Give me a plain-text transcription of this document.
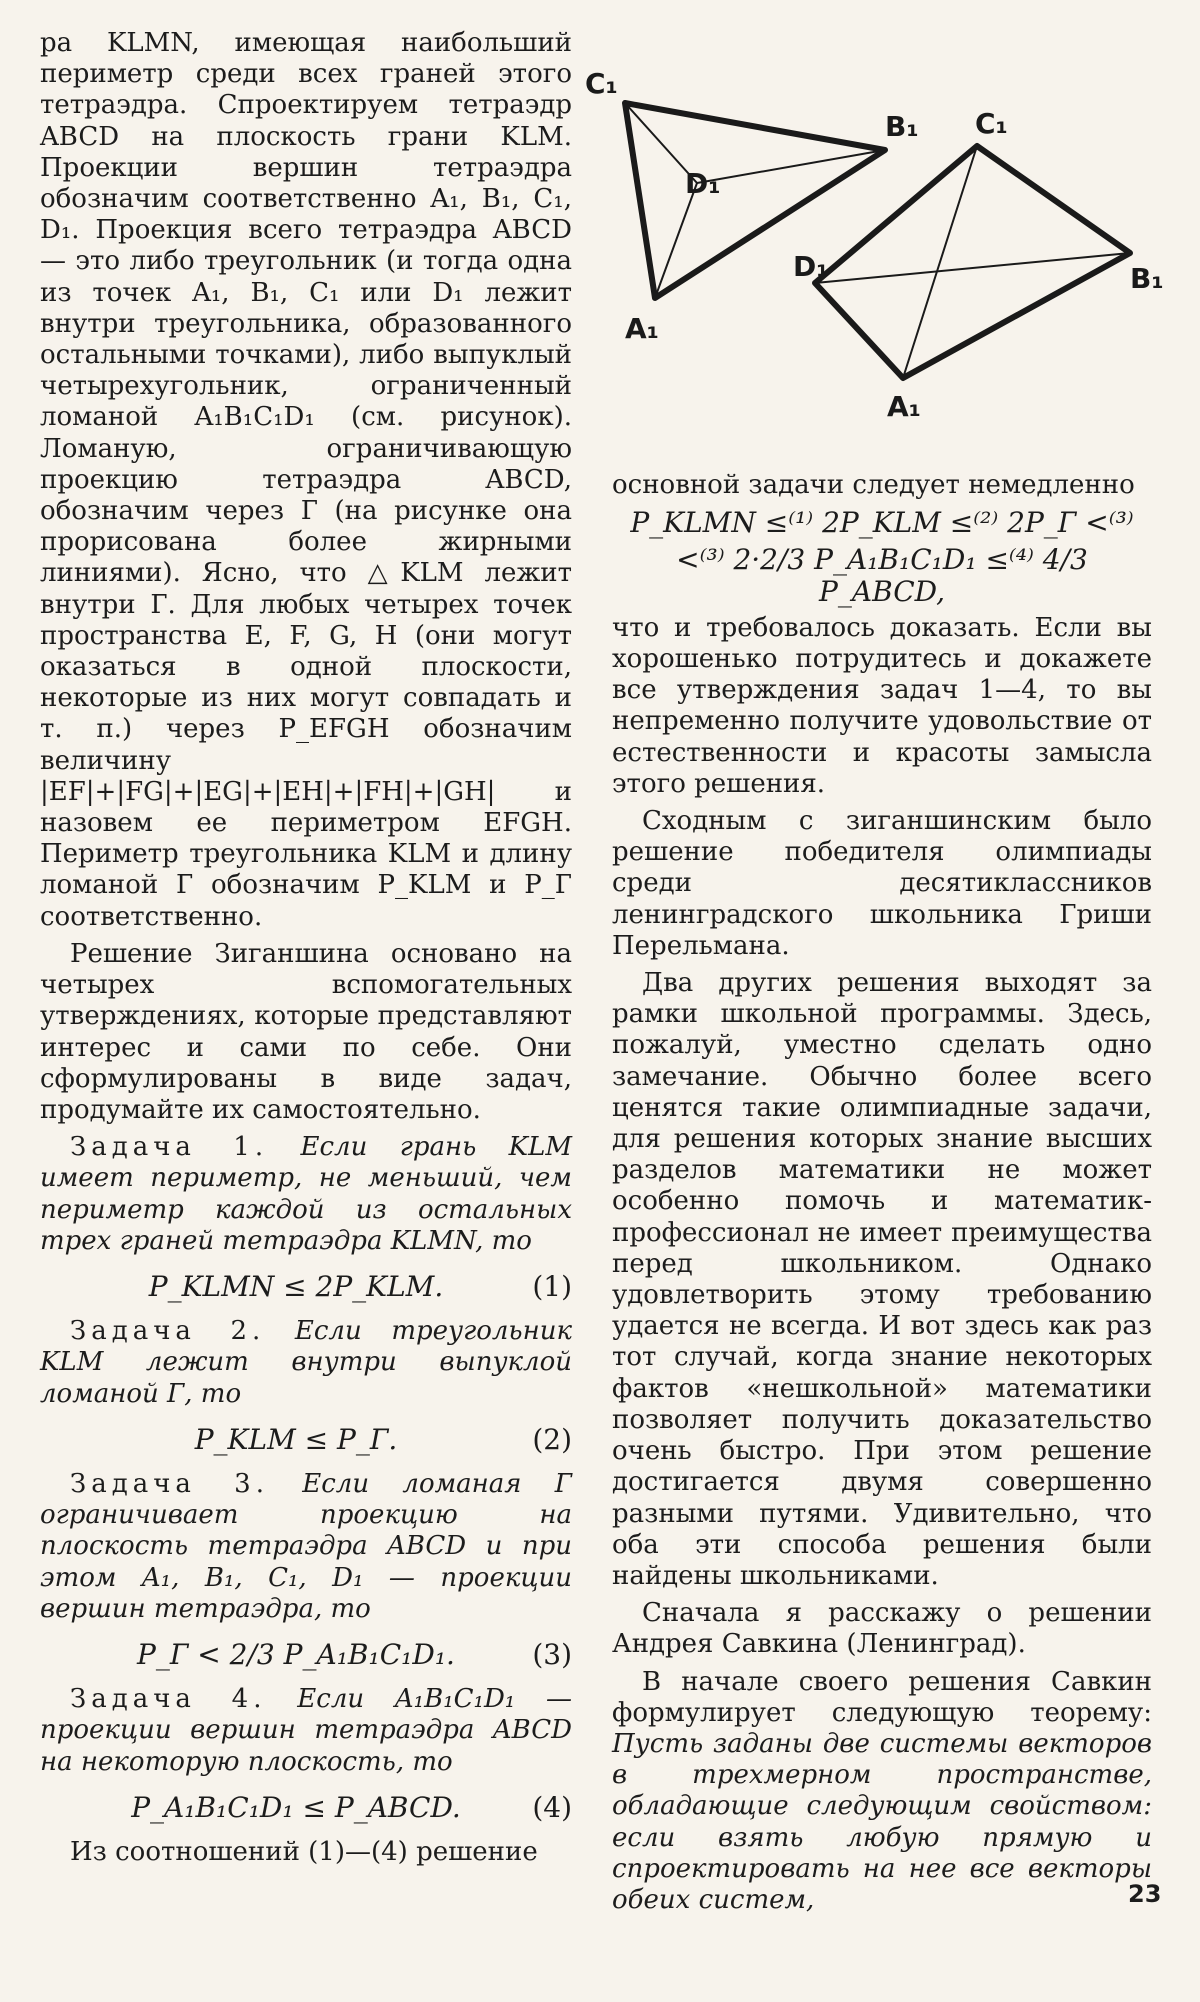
ра KLMN, имеющая наибольший периметр среди всех граней этого тетраэдра. Спроектируем тетраэдр ABCD на плоскость грани KLM. Проекции вершин тетраэдра обозначим соответственно A₁, B₁, C₁, D₁. Проекция всего тетраэдра ABCD — это либо треугольник (и тогда одна из точек A₁, B₁, C₁ или D₁ лежит внутри треугольника, образованного остальными точками), либо выпуклый четырехугольник, ограниченный ломаной A₁B₁C₁D₁ (см. рисунок). Ломаную, ограничивающую проекцию тетраэдра ABCD, обозначим через Г (на рисунке она прорисована более жирными линиями). Ясно, что △KLM лежит внутри Г. Для любых четырех точек пространства E, F, G, H (они могут оказаться в одной плоскости, некоторые из них могут совпадать и т. п.) через P_EFGH обозначим величину |EF|+|FG|+|EG|+|EH|+|FH|+|GH| и назовем ее периметром EFGH. Периметр треугольника KLM и длину ломаной Г обозначим P_KLM и P_Г соответственно.

Решение Зиганшина основано на четырех вспомогательных утверждениях, которые представляют интерес и сами по себе. Они сформулированы в виде задач, продумайте их самостоятельно.

Задача 1. Если грань KLM имеет периметр, не меньший, чем периметр каждой из остальных трех граней тетраэдра KLMN, то

P_KLMN ≤ 2P_KLM.	(1)

Задача 2. Если треугольник KLM лежит внутри выпуклой ломаной Г, то

P_KLM ≤ P_Г.	(2)

Задача 3. Если ломаная Г ограничивает проекцию на плоскость тетраэдра ABCD и при этом A₁, B₁, C₁, D₁ — проекции вершин тетраэдра, то

P_Г < 2/3 P_A₁B₁C₁D₁.	(3)

Задача 4. Если A₁B₁C₁D₁ — проекции вершин тетраэдра ABCD на некоторую плоскость, то

P_A₁B₁C₁D₁ ≤ P_ABCD.	(4)

Из соотношений (1)—(4) решение

C₁
B₁
D₁
A₁
C₁
D₁	B₁
A₁

основной задачи следует немедленно

P_KLMN ≤⁽¹⁾ 2P_KLM ≤⁽²⁾ 2P_Г <⁽³⁾
<⁽³⁾ 2·2/3 P_A₁B₁C₁D₁ ≤⁽⁴⁾ 4/3 P_ABCD,

что и требовалось доказать. Если вы хорошенько потрудитесь и докажете все утверждения задач 1—4, то вы непременно получите удовольствие от естественности и красоты замысла этого решения.

Сходным с зиганшинским было решение победителя олимпиады среди десятиклассников ленинградского школьника Гриши Перельмана.

Два других решения выходят за рамки школьной программы. Здесь, пожалуй, уместно сделать одно замечание. Обычно более всего ценятся такие олимпиадные задачи, для решения которых знание высших разделов математики не может особенно помочь и математик-профессионал не имеет преимущества перед школьником. Однако удовлетворить этому требованию удается не всегда. И вот здесь как раз тот случай, когда знание некоторых фактов «нешкольной» математики позволяет получить доказательство очень быстро. При этом решение достигается двумя совершенно разными путями. Удивительно, что оба эти способа решения были найдены школьниками.

Сначала я расскажу о решении Андрея Савкина (Ленинград).

В начале своего решения Савкин формулирует следующую теорему: Пусть заданы две системы векторов в трехмерном пространстве, обладающие следующим свойством: если взять любую прямую и спроектировать на нее все векторы обеих систем,	23
